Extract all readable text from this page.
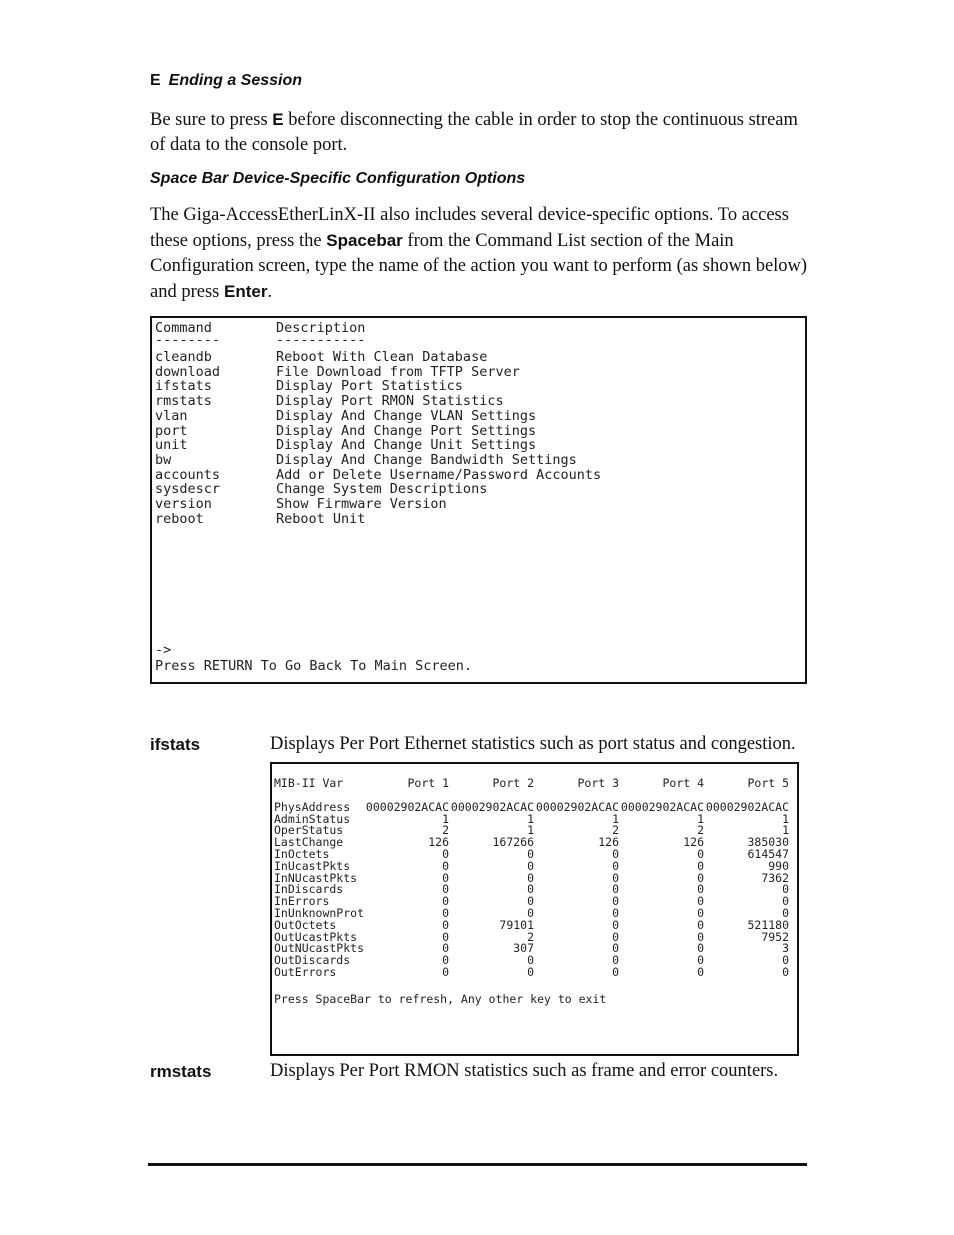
E Ending a Session
Be sure to press E before disconnecting the cable in order to stop the continuous stream of data to the console port.
Space Bar Device-Specific Configuration Options
The Giga-AccessEtherLinX-II also includes several device-specific options. To access these options, press the Spacebar from the Command List section of the Main Configuration screen, type the name of the action you want to perform (as shown below) and press Enter.
Command	Description
--------	-----------
cleandb	Reboot With Clean Database
download	File Download from TFTP Server
ifstats	Display Port Statistics
rmstats	Display Port RMON Statistics
vlan	Display And Change VLAN Settings
port	Display And Change Port Settings
unit	Display And Change Unit Settings
bw	Display And Change Bandwidth Settings
accounts	Add or Delete Username/Password Accounts
sysdescr	Change System Descriptions
version	Show Firmware Version
reboot	Reboot Unit
->
Press RETURN To Go Back To Main Screen.
ifstats	Displays Per Port Ethernet statistics such as port status and congestion.
MIB-II Var	Port 1	Port 2	Port 3	Port 4	Port 5
PhysAddress	00002902ACAC	00002902ACAC	00002902ACAC	00002902ACAC	00002902ACAC
AdminStatus	1	1	1	1	1
OperStatus	2	1	2	2	1
LastChange	126	167266	126	126	385030
InOctets	0	0	0	0	614547
InUcastPkts	0	0	0	0	990
InNUcastPkts	0	0	0	0	7362
InDiscards	0	0	0	0	0
InErrors	0	0	0	0	0
InUnknownProt	0	0	0	0	0
OutOctets	0	79101	0	0	521180
OutUcastPkts	0	2	0	0	7952
OutNUcastPkts	0	307	0	0	3
OutDiscards	0	0	0	0	0
OutErrors	0	0	0	0	0
Press SpaceBar to refresh, Any other key to exit
rmstats	Displays Per Port RMON statistics such as frame and error counters.
